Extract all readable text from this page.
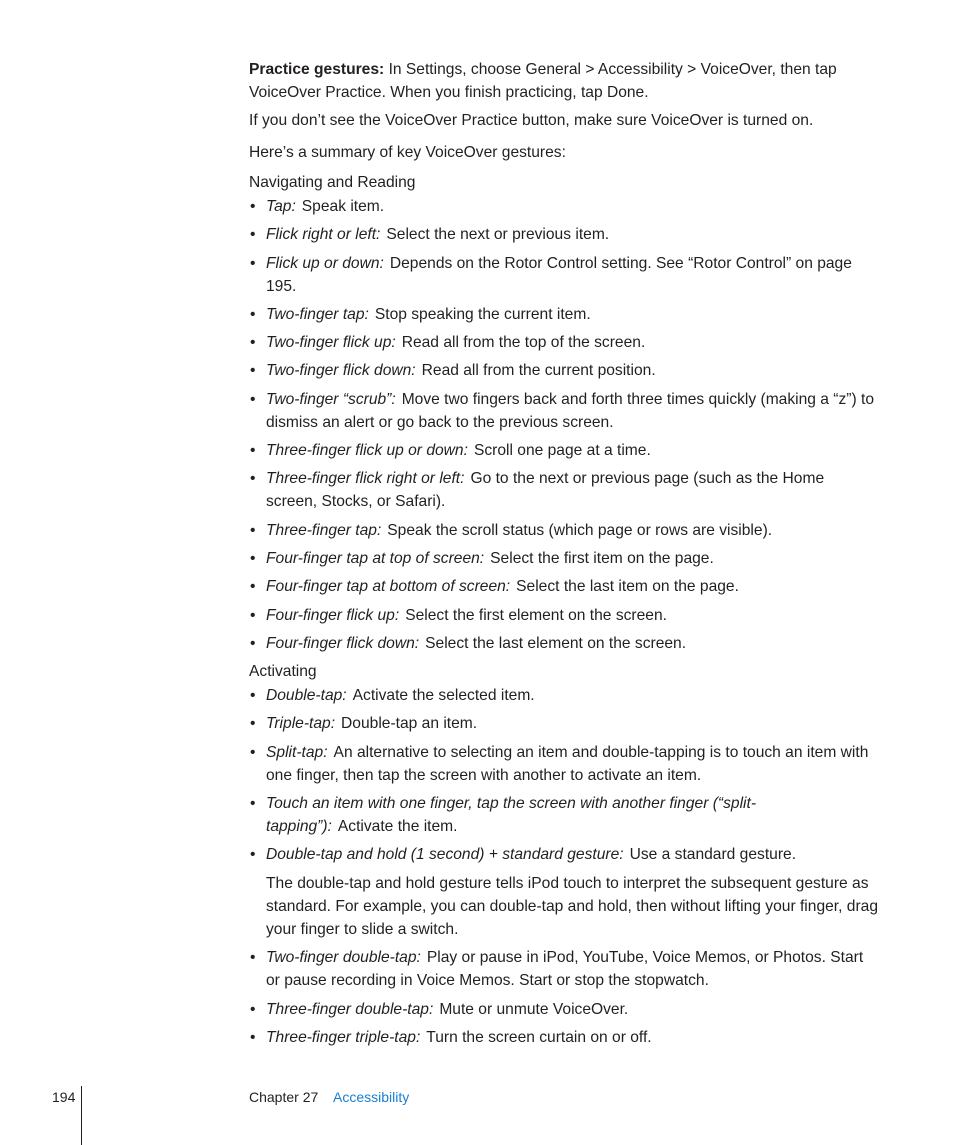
Practice gestures: In Settings, choose General > Accessibility > VoiceOver, then tap VoiceOver Practice. When you finish practicing, tap Done.

If you don’t see the VoiceOver Practice button, make sure VoiceOver is turned on.

Here’s a summary of key VoiceOver gestures:

Navigating and Reading
• Tap: Speak item.
• Flick right or left: Select the next or previous item.
• Flick up or down: Depends on the Rotor Control setting. See “Rotor Control” on page 195.
• Two-finger tap: Stop speaking the current item.
• Two-finger flick up: Read all from the top of the screen.
• Two-finger flick down: Read all from the current position.
• Two-finger “scrub”: Move two fingers back and forth three times quickly (making a “z”) to dismiss an alert or go back to the previous screen.
• Three-finger flick up or down: Scroll one page at a time.
• Three-finger flick right or left: Go to the next or previous page (such as the Home screen, Stocks, or Safari).
• Three-finger tap: Speak the scroll status (which page or rows are visible).
• Four-finger tap at top of screen: Select the first item on the page.
• Four-finger tap at bottom of screen: Select the last item on the page.
• Four-finger flick up: Select the first element on the screen.
• Four-finger flick down: Select the last element on the screen.
Activating
• Double-tap: Activate the selected item.
• Triple-tap: Double-tap an item.
• Split-tap: An alternative to selecting an item and double-tapping is to touch an item with one finger, then tap the screen with another to activate an item.
• Touch an item with one finger, tap the screen with another finger (“split-tapping”): Activate the item.
• Double-tap and hold (1 second) + standard gesture: Use a standard gesture.

The double-tap and hold gesture tells iPod touch to interpret the subsequent gesture as standard. For example, you can double-tap and hold, then without lifting your finger, drag your finger to slide a switch.

• Two-finger double-tap: Play or pause in iPod, YouTube, Voice Memos, or Photos. Start or pause recording in Voice Memos. Start or stop the stopwatch.
• Three-finger double-tap: Mute or unmute VoiceOver.
• Three-finger triple-tap: Turn the screen curtain on or off.
194	Chapter 27 Accessibility
